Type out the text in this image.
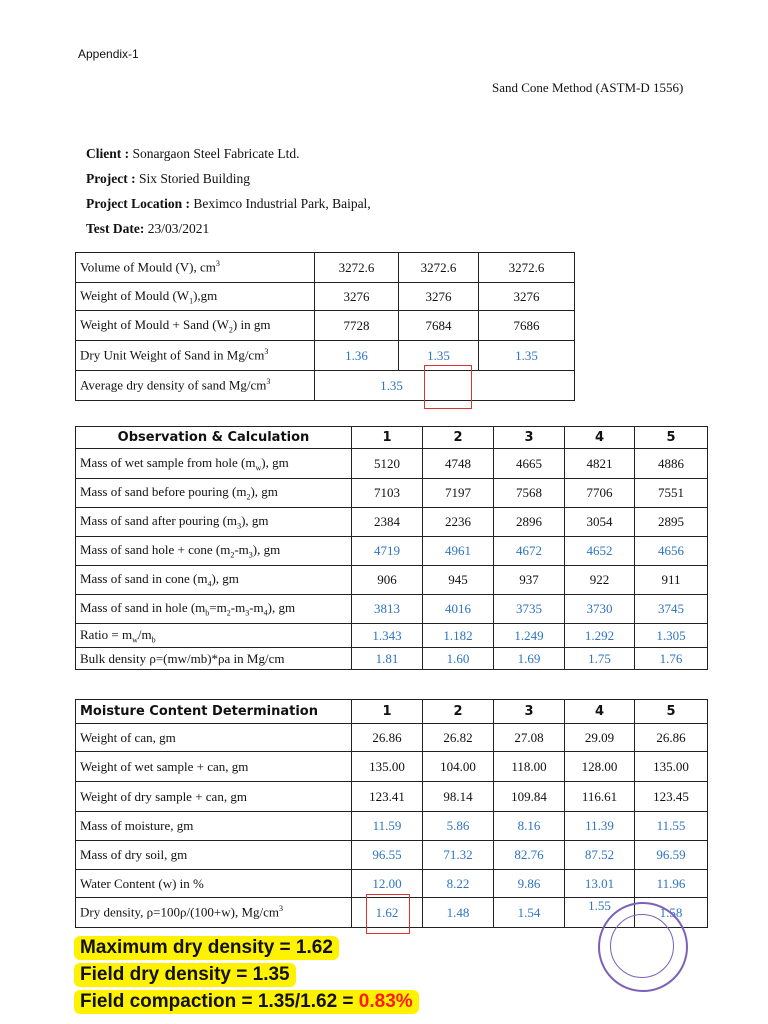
Appendix-1
Sand Cone Method (ASTM-D 1556)
Client : Sonargaon Steel Fabricate Ltd.
Project : Six Storied Building
Project Location : Beximco Industrial Park, Baipal,
Test Date: 23/03/2021
Volume of Mould (V), $cm^3$	3272.6	3272.6	3272.6
Weight of Mould $(W_1),gm$	3276	3276	3276
Weight of Mould + Sand $(W_2)$ in gm	7728	7684	7686
Dry Unit Weight of Sand in $Mg/cm^3$	1.36	1.35	1.35
Average dry density of sand $Mg/cm^3$	1.35		
Observation & Calculation	1	2	3	4	5
Mass of wet sample from hole $(m_w)$, gm	5120	4748	4665	4821	4886
Mass of sand before pouring $(m_2)$, gm	7103	7197	7568	7706	7551
Mass of sand after pouring $(m_3)$, gm	2384	2236	2896	3054	2895
Mass of sand hole + cone $(m_2-m_3)$, gm	4719	4961	4672	4652	4656
Mass of sand in cone $(m_4)$, gm	906	945	937	922	911
Mass of sand in hole $(m_b=m_2-m_3-m_4)$, gm	3813	4016	3735	3730	3745
Ratio = $m_w/m_b$	1.343	1.182	1.249	1.292	1.305
Bulk density ρ=(mw/mb)*ρa in Mg/cm	1.81	1.60	1.69	1.75	1.76
Moisture Content Determination	1	2	3	4	5
Weight of can, gm	26.86	26.82	27.08	29.09	26.86
Weight of wet sample + can, gm	135.00	104.00	118.00	128.00	135.00
Weight of dry sample + can, gm	123.41	98.14	109.84	116.61	123.45
Mass of moisture, gm	11.59	5.86	8.16	11.39	11.55
Mass of dry soil, gm	96.55	71.32	82.76	87.52	96.59
Water Content (w) in %	12.00	8.22	9.86	13.01	11.96
Dry density, ρ=100ρ/(100+w), $Mg/cm^3$	1.62	1.48	1.54	1.55	1.58
Maximum dry density = 1.62
Field dry density = 1.35
Field compaction = 1.35/1.62 = 0.83%
